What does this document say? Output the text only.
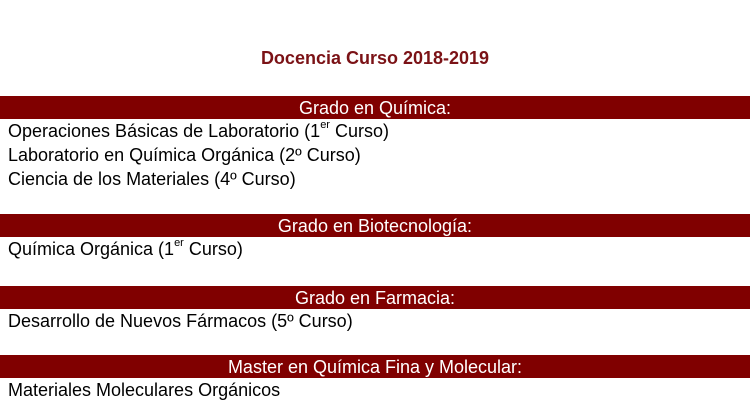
Docencia Curso 2018-2019
Grado en Química:
Operaciones Básicas de Laboratorio (1er Curso)
Laboratorio en Química Orgánica (2º Curso)
Ciencia de los Materiales (4º Curso)
Grado en Biotecnología:
Química Orgánica (1er Curso)
Grado en Farmacia:
Desarrollo de Nuevos Fármacos (5º Curso)
Master en Química Fina y Molecular:
Materiales Moleculares Orgánicos
